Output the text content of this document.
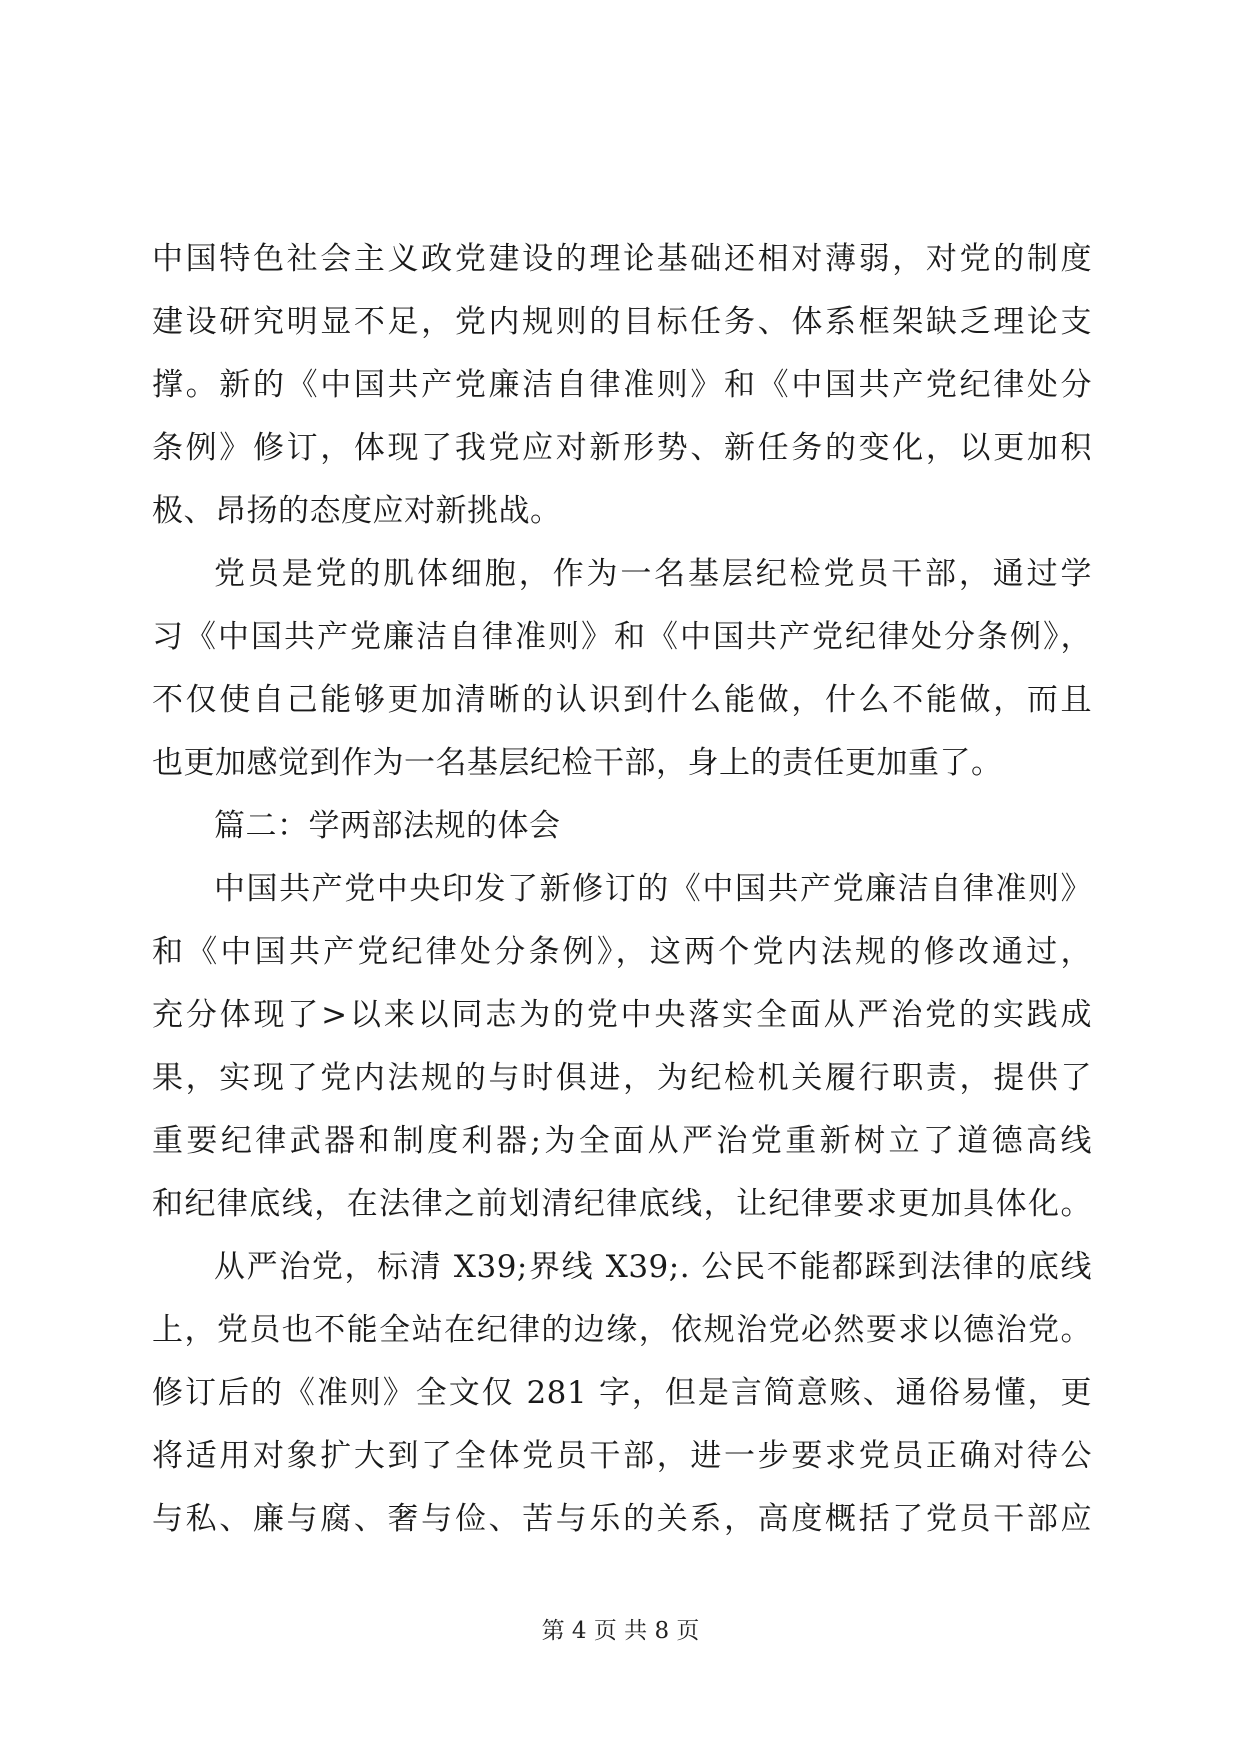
中国特色社会主义政党建设的理论基础还相对薄弱，对党的制度
建设研究明显不足，党内规则的目标任务、体系框架缺乏理论支
撑。新的《中国共产党廉洁自律准则》和《中国共产党纪律处分
条例》修订，体现了我党应对新形势、新任务的变化，以更加积
极、昂扬的态度应对新挑战。
党员是党的肌体细胞，作为一名基层纪检党员干部，通过学
习《中国共产党廉洁自律准则》和《中国共产党纪律处分条例》，
不仅使自己能够更加清晰的认识到什么能做，什么不能做，而且
也更加感觉到作为一名基层纪检干部，身上的责任更加重了。
篇二：学两部法规的体会
中国共产党中央印发了新修订的《中国共产党廉洁自律准则》
和《中国共产党纪律处分条例》，这两个党内法规的修改通过，
充分体现了>以来以同志为的党中央落实全面从严治党的实践成
果，实现了党内法规的与时俱进，为纪检机关履行职责，提供了
重要纪律武器和制度利器;为全面从严治党重新树立了道德高线
和纪律底线，在法律之前划清纪律底线，让纪律要求更加具体化。
从严治党，标清 X39;界线 X39;. 公民不能都踩到法律的底线
上，党员也不能全站在纪律的边缘，依规治党必然要求以德治党。
修订后的《准则》全文仅 281 字，但是言简意赅、通俗易懂，更
将适用对象扩大到了全体党员干部，进一步要求党员正确对待公
与私、廉与腐、奢与俭、苦与乐的关系，高度概括了党员干部应
第 4 页 共 8 页
